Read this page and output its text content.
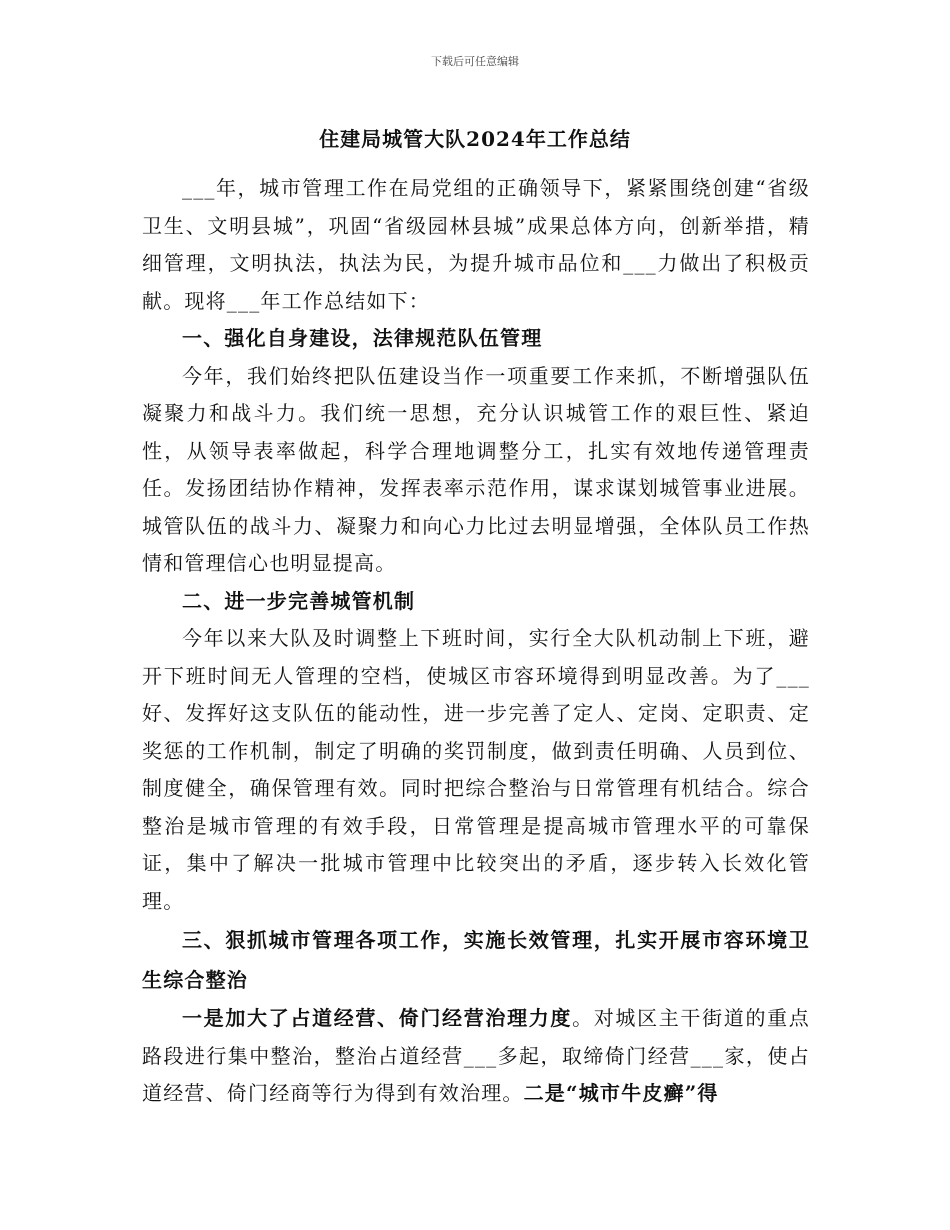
下载后可任意编辑
住建局城管大队2024年工作总结

___年，城市管理工作在局党组的正确领导下，紧紧围绕创建“省级卫生、文明县城”，巩固“省级园林县城”成果总体方向，创新举措，精细管理，文明执法，执法为民，为提升城市品位和___力做出了积极贡献。现将___年工作总结如下：

一、强化自身建设，法律规范队伍管理

今年，我们始终把队伍建设当作一项重要工作来抓，不断增强队伍凝聚力和战斗力。我们统一思想，充分认识城管工作的艰巨性、紧迫性，从领导表率做起，科学合理地调整分工，扎实有效地传递管理责任。发扬团结协作精神，发挥表率示范作用，谋求谋划城管事业进展。城管队伍的战斗力、凝聚力和向心力比过去明显增强，全体队员工作热情和管理信心也明显提高。

二、进一步完善城管机制

今年以来大队及时调整上下班时间，实行全大队机动制上下班，避开下班时间无人管理的空档，使城区市容环境得到明显改善。为了___好、发挥好这支队伍的能动性，进一步完善了定人、定岗、定职责、定奖惩的工作机制，制定了明确的奖罚制度，做到责任明确、人员到位、制度健全，确保管理有效。同时把综合整治与日常管理有机结合。综合整治是城市管理的有效手段，日常管理是提高城市管理水平的可靠保证，集中了解决一批城市管理中比较突出的矛盾，逐步转入长效化管理。

三、狠抓城市管理各项工作，实施长效管理，扎实开展市容环境卫生综合整治

一是加大了占道经营、倚门经营治理力度。对城区主干街道的重点路段进行集中整治，整治占道经营___多起，取缔倚门经营___家，使占道经营、倚门经商等行为得到有效治理。二是“城市牛皮癣”得
